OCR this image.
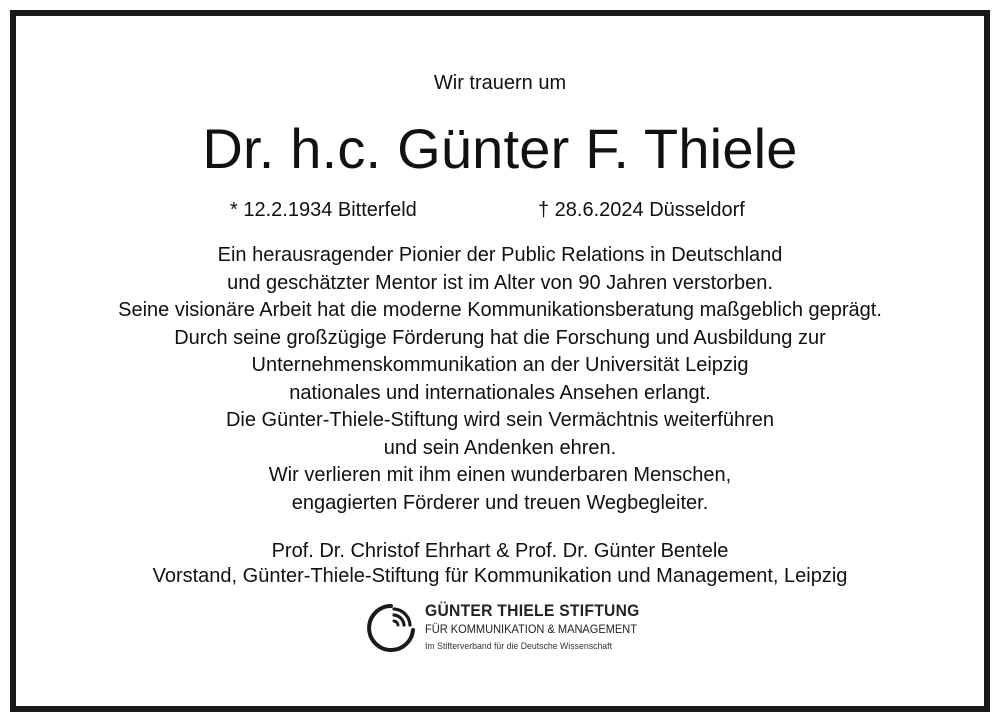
Wir trauern um
Dr. h.c. Günter F. Thiele
* 12.2.1934 Bitterfeld	† 28.6.2024 Düsseldorf
Ein herausragender Pionier der Public Relations in Deutschland
und geschätzter Mentor ist im Alter von 90 Jahren verstorben.
Seine visionäre Arbeit hat die moderne Kommunikationsberatung maßgeblich geprägt.
Durch seine großzügige Förderung hat die Forschung und Ausbildung zur
Unternehmenskommunikation an der Universität Leipzig
nationales und internationales Ansehen erlangt.
Die Günter-Thiele-Stiftung wird sein Vermächtnis weiterführen
und sein Andenken ehren.
Wir verlieren mit ihm einen wunderbaren Menschen,
engagierten Förderer und treuen Wegbegleiter.
Prof. Dr. Christof Ehrhart & Prof. Dr. Günter Bentele
Vorstand, Günter-Thiele-Stiftung für Kommunikation und Management, Leipzig
GÜNTER THIELE STIFTUNG
FÜR KOMMUNIKATION & MANAGEMENT
Im Stifterverband für die Deutsche Wissenschaft
